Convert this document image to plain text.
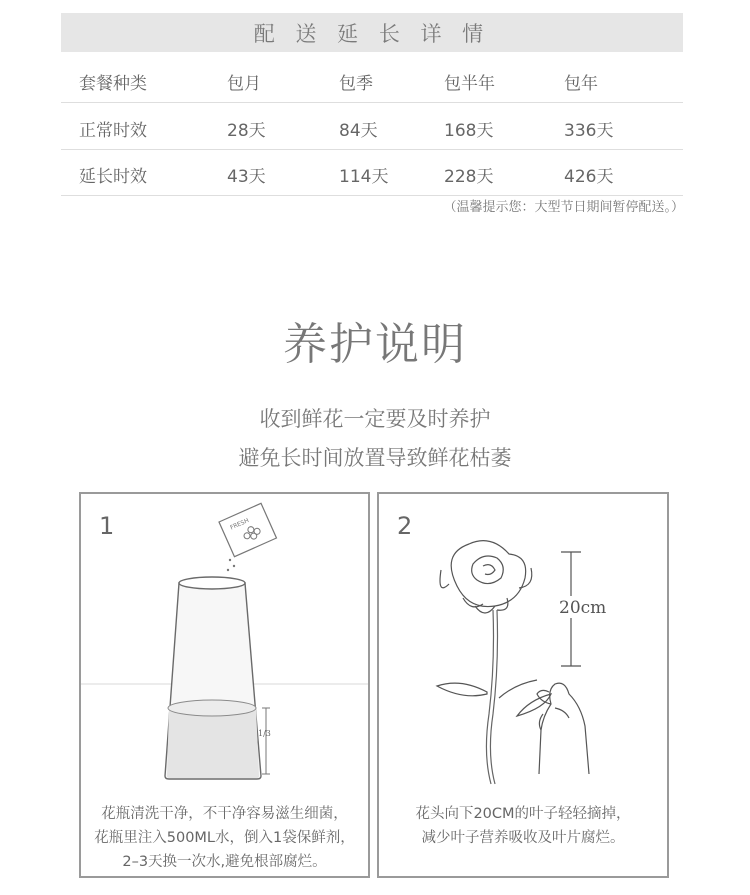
配 送 延 长 详 情
套餐种类	包月	包季	包半年	包年
正常时效	28天	84天	168天	336天
延长时效	43天	114天	228天	426天
（温馨提示您：大型节日期间暂停配送。）
养护说明
收到鲜花一定要及时养护
避免长时间放置导致鲜花枯萎
FRESH
1/3
1
花瓶清洗干净，不干净容易滋生细菌，
花瓶里注入500ML水，倒入1袋保鲜剂，
2–3天换一次水,避免根部腐烂。
20cm
2
花头向下20CM的叶子轻轻摘掉，
减少叶子营养吸收及叶片腐烂。
